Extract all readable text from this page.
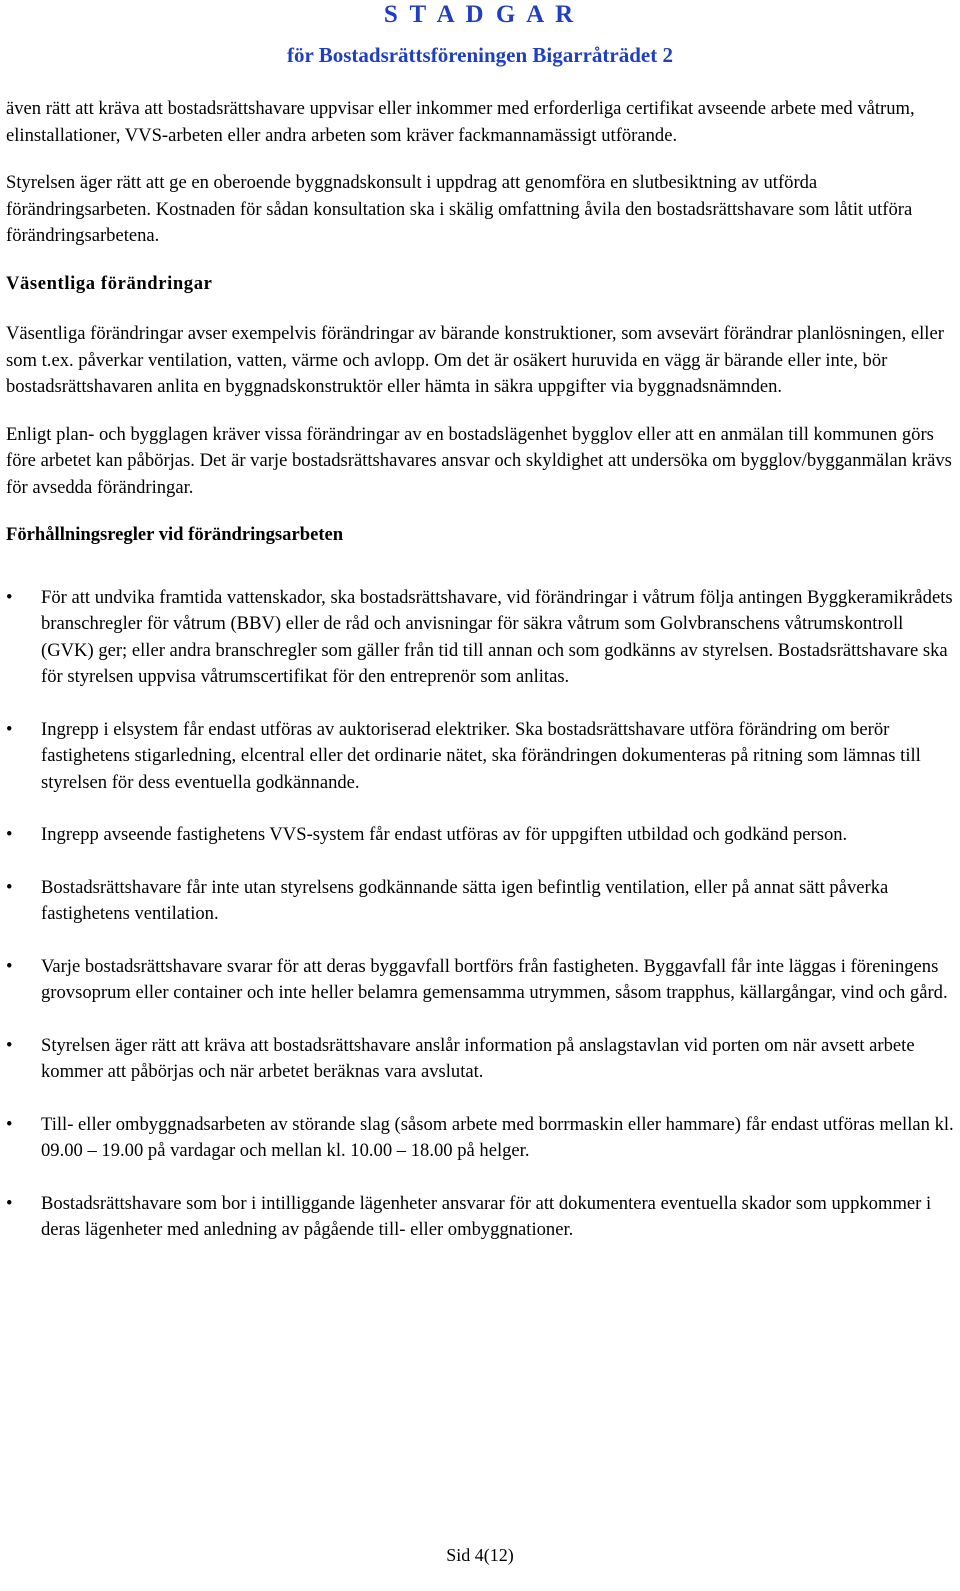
S T A D G A R
för Bostadsrättsföreningen Bigarråträdet 2

även rätt att kräva att bostadsrättshavare uppvisar eller inkommer med erforderliga certifikat avseende arbete med våtrum, elinstallationer, VVS-arbeten eller andra arbeten som kräver fackmannamässigt utförande.

Styrelsen äger rätt att ge en oberoende byggnadskonsult i uppdrag att genomföra en slutbesiktning av utförda förändringsarbeten. Kostnaden för sådan konsultation ska i skälig omfattning åvila den bostadsrättshavare som låtit utföra förändringsarbetena.

Väsentliga förändringar

Väsentliga förändringar avser exempelvis förändringar av bärande konstruktioner, som avsevärt förändrar planlösningen, eller som t.ex. påverkar ventilation, vatten, värme och avlopp. Om det är osäkert huruvida en vägg är bärande eller inte, bör bostadsrättshavaren anlita en byggnadskonstruktör eller hämta in säkra uppgifter via byggnadsnämnden.

Enligt plan- och bygglagen kräver vissa förändringar av en bostadslägenhet bygglov eller att en anmälan till kommunen görs före arbetet kan påbörjas. Det är varje bostadsrättshavares ansvar och skyldighet att undersöka om bygglov/bygganmälan krävs för avsedda förändringar.

Förhållningsregler vid förändringsarbeten
•	För att undvika framtida vattenskador, ska bostadsrättshavare, vid förändringar i våtrum följa antingen Byggkeramikrådets branschregler för våtrum (BBV) eller de råd och anvisningar för säkra våtrum som Golvbranschens våtrumskontroll (GVK) ger; eller andra branschregler som gäller från tid till annan och som godkänns av styrelsen. Bostadsrättshavare ska för styrelsen uppvisa våtrumscertifikat för den entreprenör som anlitas.
•	Ingrepp i elsystem får endast utföras av auktoriserad elektriker. Ska bostadsrättshavare utföra förändring om berör fastighetens stigarledning, elcentral eller det ordinarie nätet, ska förändringen dokumenteras på ritning som lämnas till styrelsen för dess eventuella godkännande.
•	Ingrepp avseende fastighetens VVS-system får endast utföras av för uppgiften utbildad och godkänd person.
•	Bostadsrättshavare får inte utan styrelsens godkännande sätta igen befintlig ventilation, eller på annat sätt påverka fastighetens ventilation.
•	Varje bostadsrättshavare svarar för att deras byggavfall bortförs från fastigheten. Byggavfall får inte läggas i föreningens grovsoprum eller container och inte heller belamra gemensamma utrymmen, såsom trapphus, källargångar, vind och gård.
•	Styrelsen äger rätt att kräva att bostadsrättshavare anslår information på anslagstavlan vid porten om när avsett arbete kommer att påbörjas och när arbetet beräknas vara avslutat.
•	Till- eller ombyggnadsarbeten av störande slag (såsom arbete med borrmaskin eller hammare) får endast utföras mellan kl. 09.00 – 19.00 på vardagar och mellan kl. 10.00 – 18.00 på helger.
•	Bostadsrättshavare som bor i intilliggande lägenheter ansvarar för att dokumentera eventuella skador som uppkommer i deras lägenheter med anledning av pågående till- eller ombyggnationer.
Sid 4(12)
